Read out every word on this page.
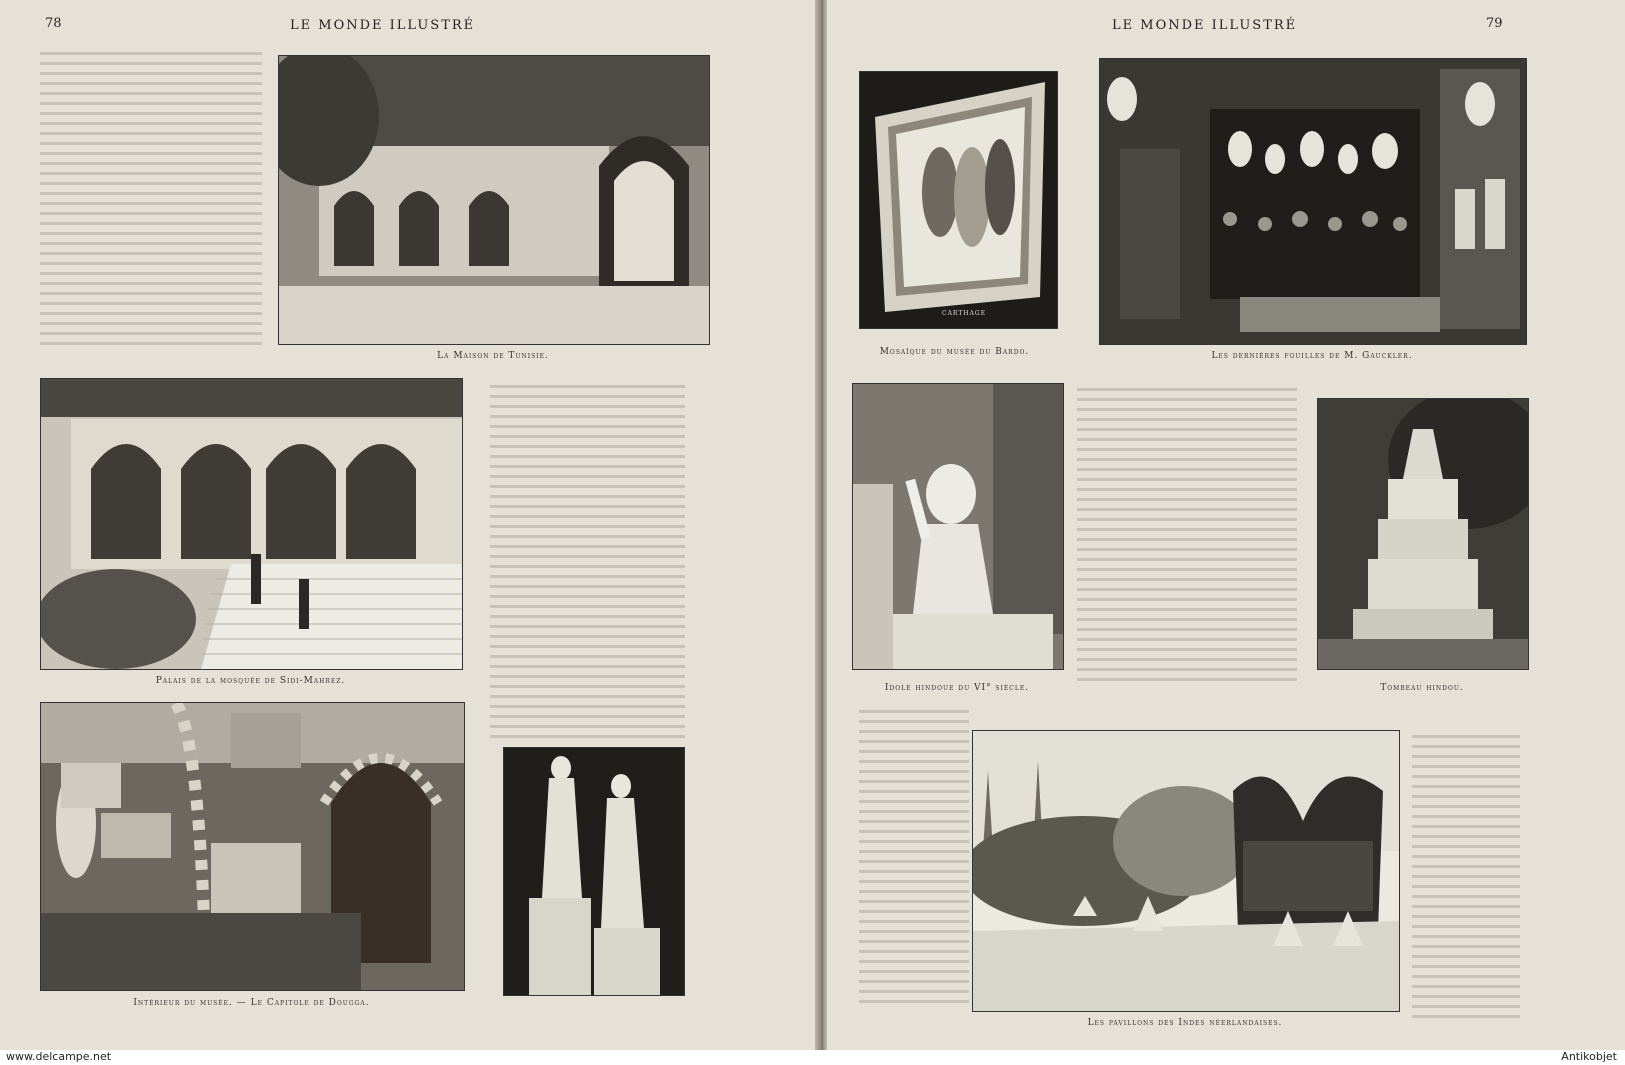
78	LE MONDE ILLUSTRÉ
La Maison de Tunisie.
Palais de la mosquée de Sidi-Mahrez.
Intérieur du musée. — Le Capitole de Dougga.
LE MONDE ILLUSTRÉ	79
CARTHAGE
Mosaïque du musée du Bardo.	Les dernières fouilles de M. Gauckler.
Idole hindoue du VI° siècle.	Tombeau hindou.
Les pavillons des Indes néerlandaises.
www.delcampe.net	Antikobjet
